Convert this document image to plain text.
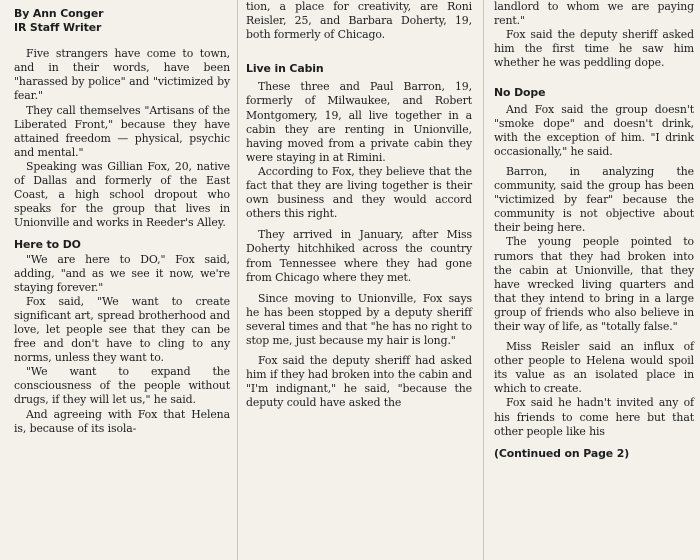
By Ann Conger

IR Staff Writer

Five strangers have come to town, and in their words, have been "harassed by police" and "victimized by fear."

They call themselves "Artisans of the Liberated Front," because they have attained freedom — physical, psychic and mental."

Speaking was Gillian Fox, 20, native of Dallas and formerly of the East Coast, a high school dropout who speaks for the group that lives in Unionville and works in Reeder's Alley.

Here to DO

"We are here to DO," Fox said, adding, "and as we see it now, we're staying forever."

Fox said, "We want to create significant art, spread brotherhood and love, let people see that they can be free and don't have to cling to any norms, unless they want to.

"We want to expand the consciousness of the people without drugs, if they will let us," he said.

And agreeing with Fox that Helena is, because of its isola-

tion, a place for creativity, are Roni Reisler, 25, and Barbara Doherty, 19, both formerly of Chicago.

Live in Cabin

These three and Paul Barron, 19, formerly of Milwaukee, and Robert Montgomery, 19, all live together in a cabin they are renting in Unionville, having moved from a private cabin they were staying in at Rimini.

According to Fox, they believe that the fact that they are living together is their own business and they would accord others this right.

They arrived in January, after Miss Doherty hitchhiked across the country from Tennessee where they had gone from Chicago where they met.

Since moving to Unionville, Fox says he has been stopped by a deputy sheriff several times and that "he has no right to stop me, just because my hair is long."

Fox said the deputy sheriff had asked him if they had broken into the cabin and "I'm indignant," he said, "because the deputy could have asked the

landlord to whom we are paying rent."

Fox said the deputy sheriff asked him the first time he saw him whether he was peddling dope.

No Dope

And Fox said the group doesn't "smoke dope" and doesn't drink, with the exception of him. "I drink occasionally," he said.

Barron, in analyzing the community, said the group has been "victimized by fear" because the community is not objective about their being here.

The young people pointed to rumors that they had broken into the cabin at Unionville, that they have wrecked living quarters and that they intend to bring in a large group of friends who also believe in their way of life, as "totally false."

Miss Reisler said an influx of other people to Helena would spoil its value as an isolated place in which to create.

Fox said he hadn't invited any of his friends to come here but that other people like his

(Continued on Page 2)
